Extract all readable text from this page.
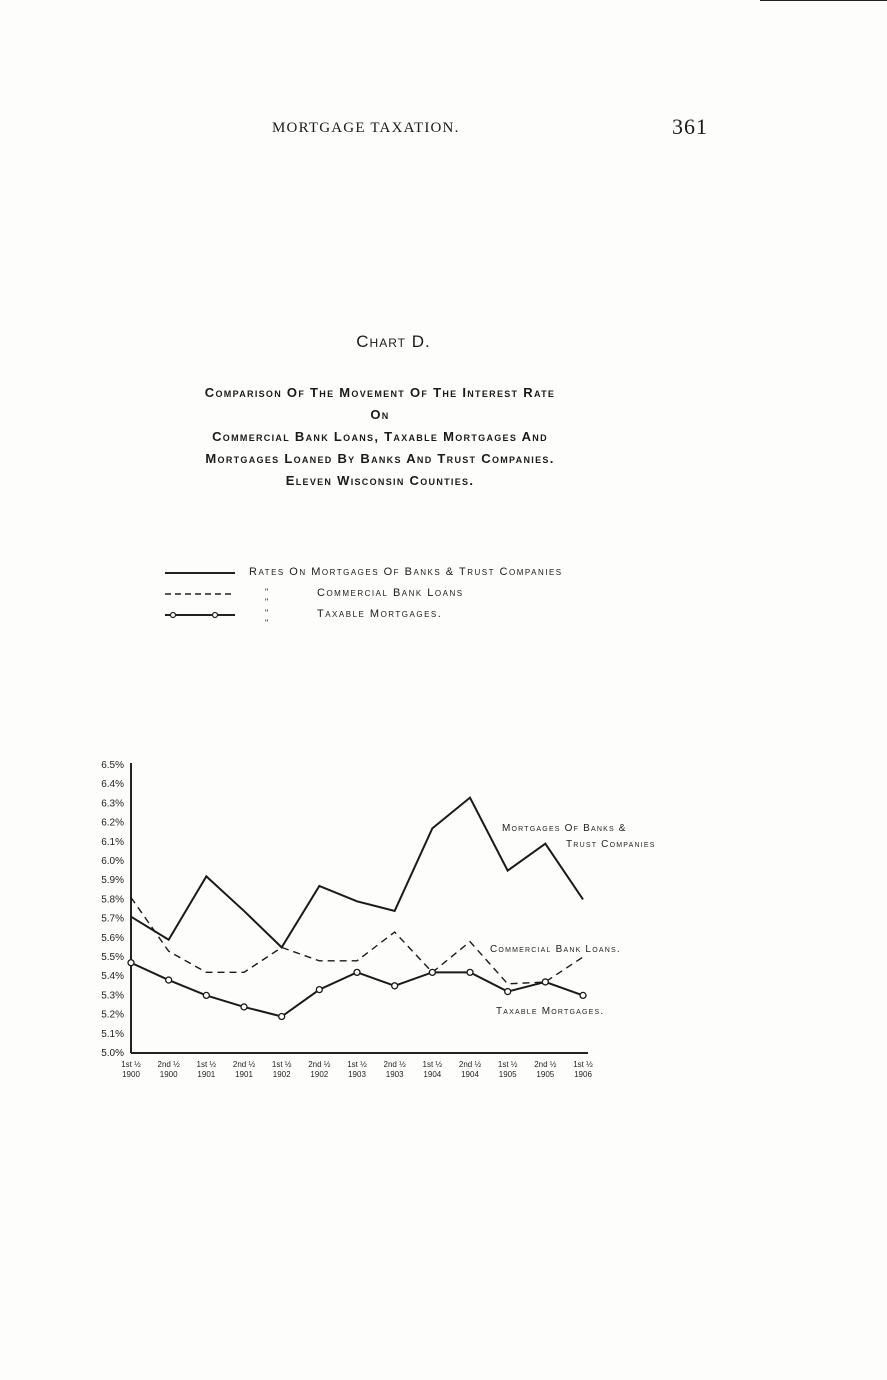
MORTGAGE TAXATION.	361
Chart D.
Comparison Of The Movement Of The Interest Rate
On
Commercial Bank Loans, Taxable Mortgages And
Mortgages Loaned By Banks And Trust Companies.
Eleven Wisconsin Counties.
Rates On Mortgages Of Banks & Trust Companies
" "
Commercial Bank Loans
" "
Taxable Mortgages.
5.0%
5.1%
5.2%
5.3%
5.4%
5.5%
5.6%
5.7%
5.8%
5.9%
6.0%
6.1%
6.2%
6.3%
6.4%
6.5%
1st ½
1900
2nd ½
1900
1st ½
1901
2nd ½
1901
1st ½
1902
2nd ½
1902
1st ½
1903
2nd ½
1903
1st ½
1904
2nd ½
1904
1st ½
1905
2nd ½
1905
1st ½
1906
Mortgages Of Banks &
Trust Companies
Commercial Bank Loans.
Taxable Mortgages.
